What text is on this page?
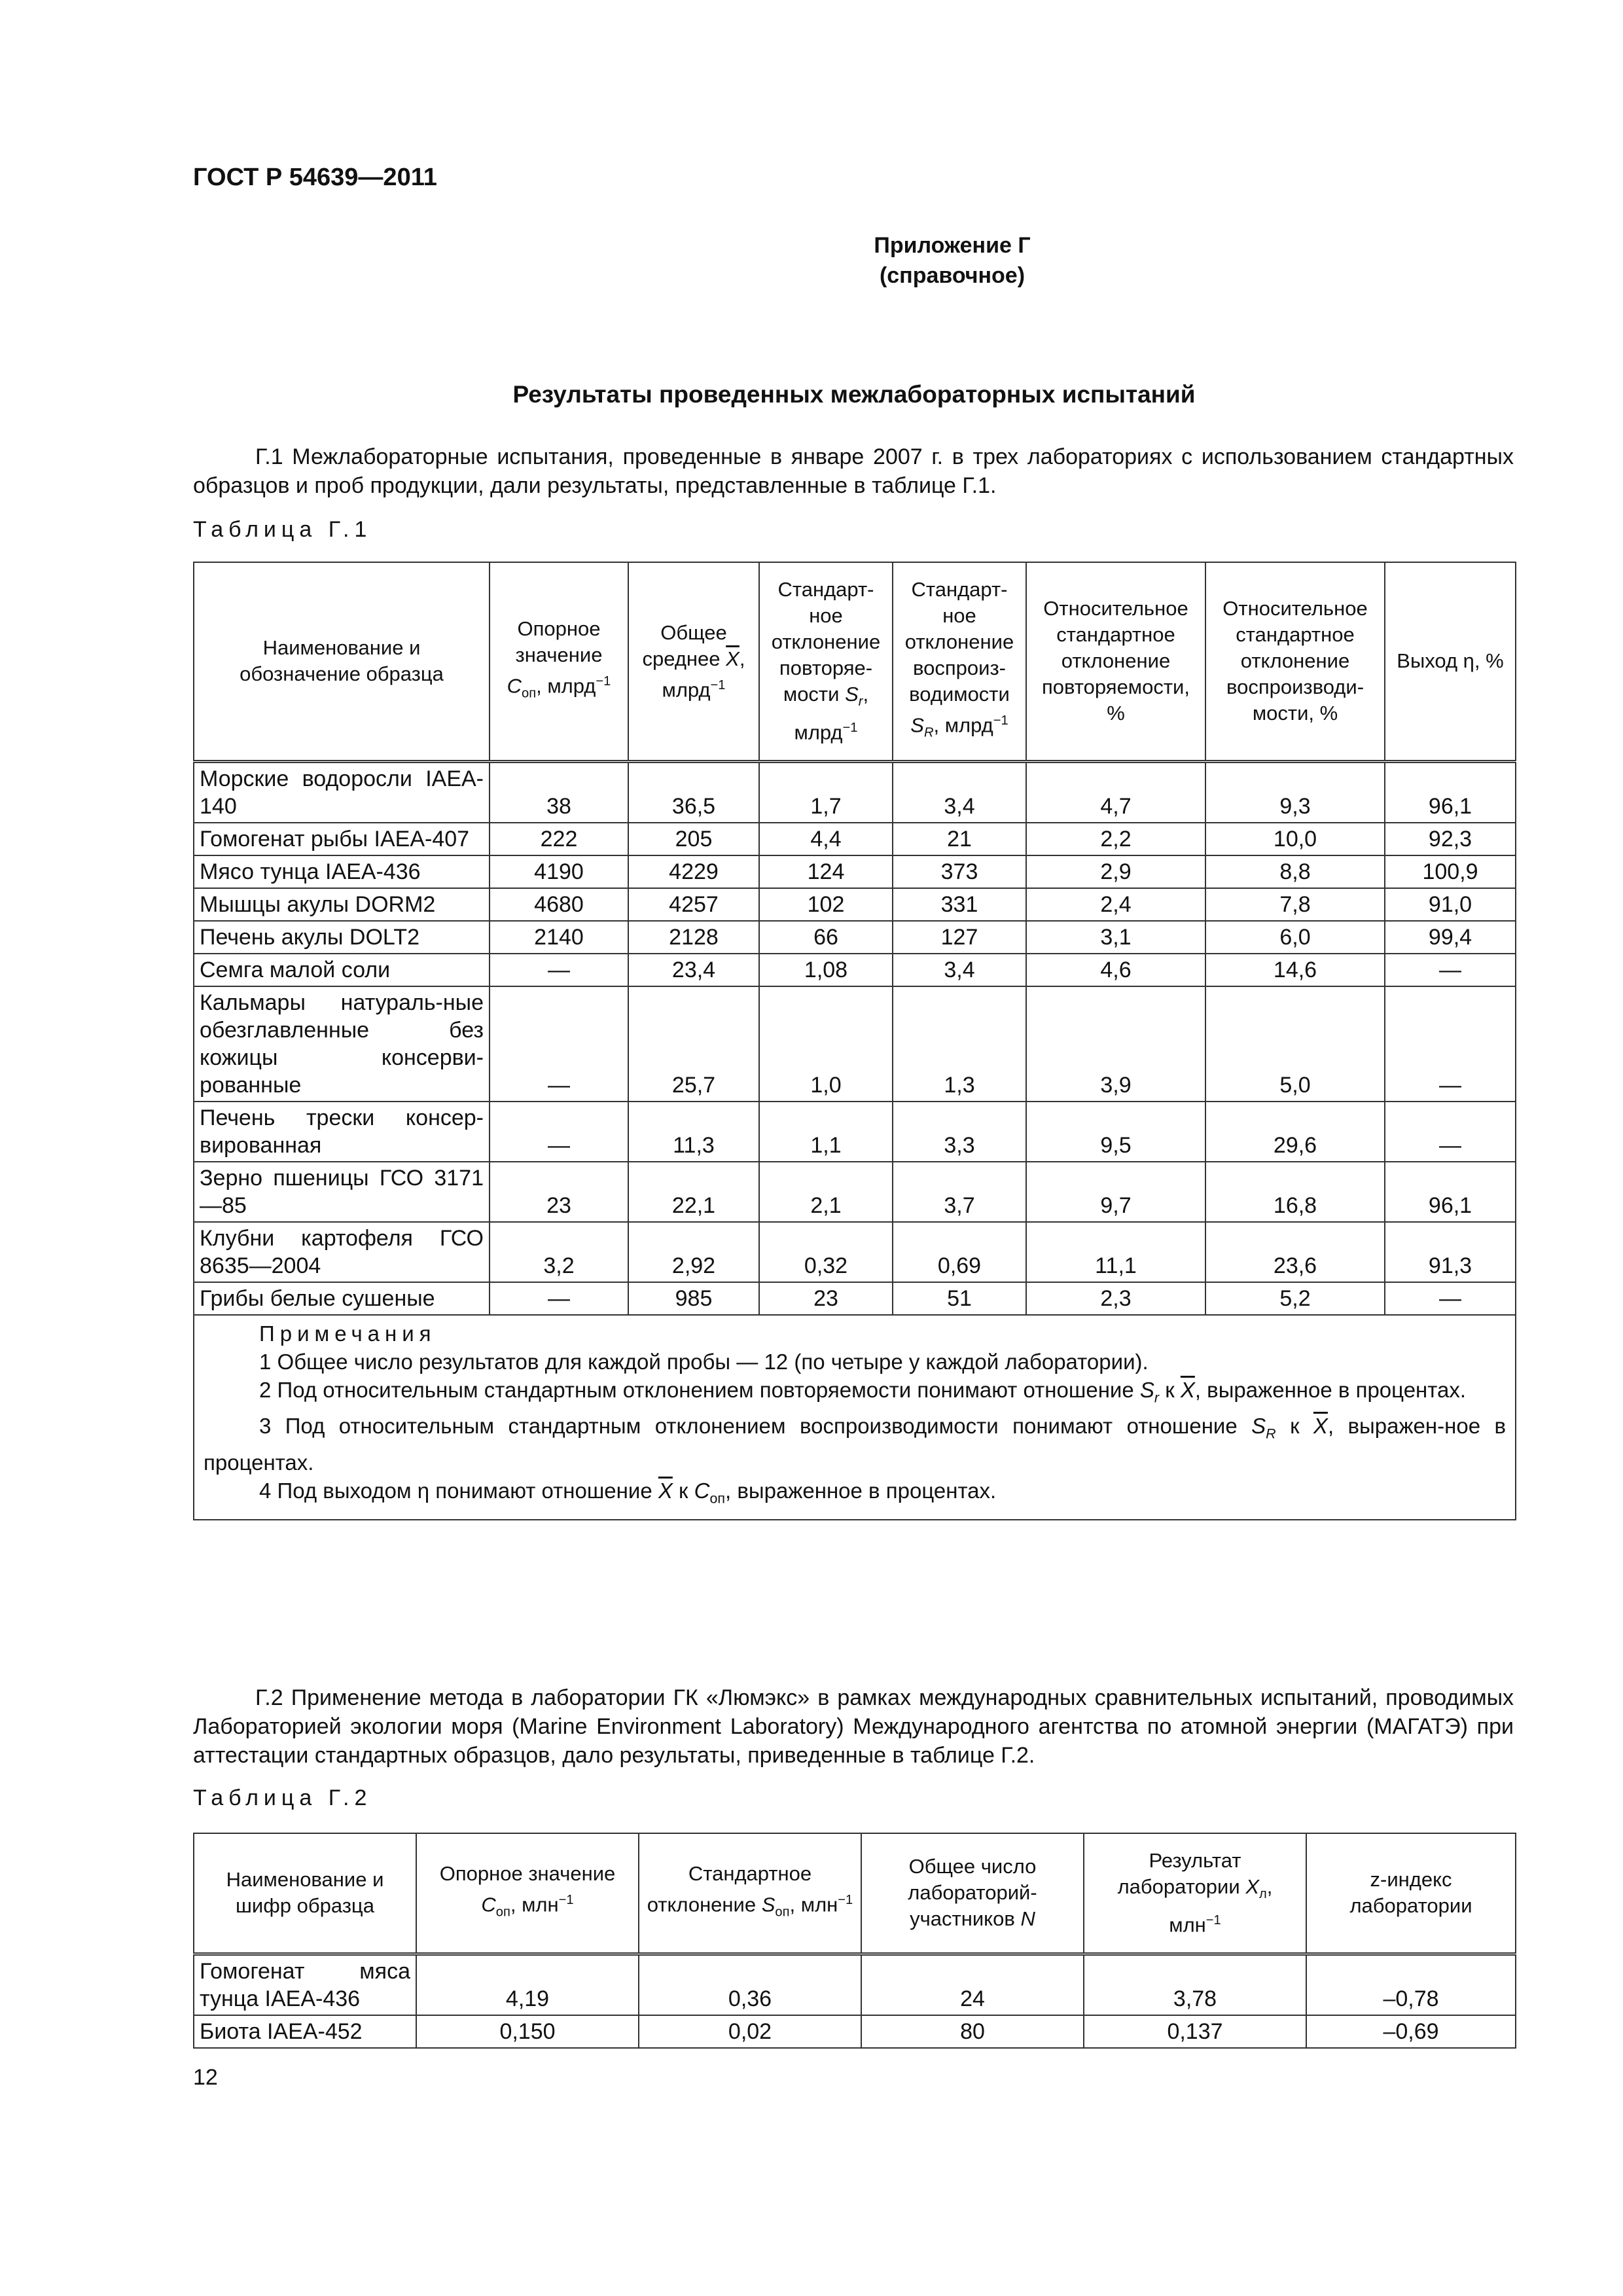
ГОСТ Р 54639—2011
Приложение Г
(справочное)
Результаты проведенных межлабораторных испытаний
Г.1 Межлабораторные испытания, проведенные в январе 2007 г. в трех лабораториях с использованием стандартных образцов и проб продукции, дали результаты, представленные в таблице Г.1.
Таблица Г.1
Наименование и обозначение образца	Опорное значение $C_{оп}$, млрд$^{-1}$	Общее среднее $\overline{X}$, млрд$^{-1}$	Стандарт-ное отклонение повторяе-мости $S_r$, млрд$^{-1}$	Стандарт-ное отклонение воспроиз-водимости $S_R$, млрд$^{-1}$	Относительное стандартное отклонение повторяемости, %	Относительное стандартное отклонение воспроизводи-мости, %	Выход η, %
Морские водоросли IAEA-140	38	36,5	1,7	3,4	4,7	9,3	96,1
Гомогенат рыбы IAEA-407	222	205	4,4	21	2,2	10,0	92,3
Мясо тунца IAEA-436	4190	4229	124	373	2,9	8,8	100,9
Мышцы акулы DORM2	4680	4257	102	331	2,4	7,8	91,0
Печень акулы DOLT2	2140	2128	66	127	3,1	6,0	99,4
Семга малой соли	—	23,4	1,08	3,4	4,6	14,6	—
Кальмары натураль-ные обезглавленные без кожицы консерви-рованные	—	25,7	1,0	1,3	3,9	5,0	—
Печень трески консер-вированная	—	11,3	1,1	3,3	9,5	29,6	—
Зерно пшеницы ГСО 3171—85	23	22,1	2,1	3,7	9,7	16,8	96,1
Клубни картофеля ГСО 8635—2004	3,2	2,92	0,32	0,69	11,1	23,6	91,3
Грибы белые сушеные	—	985	23	51	2,3	5,2	—

Примечания
1 Общее число результатов для каждой пробы — 12 (по четыре у каждой лаборатории).
2 Под относительным стандартным отклонением повторяемости понимают отношение $S_r$ к $\overline{X}$, выраженное в процентах.
3 Под относительным стандартным отклонением воспроизводимости понимают отношение $S_R$ к $\overline{X}$, выражен-ное в процентах.
4 Под выходом η понимают отношение $\overline{X}$ к $C_{оп}$, выраженное в процентах.							
Г.2 Применение метода в лаборатории ГК «Люмэкс» в рамках международных сравнительных испытаний, проводимых Лабораторией экологии моря (Marine Environment Laboratory) Международного агентства по атомной энергии (МАГАТЭ) при аттестации стандартных образцов, дало результаты, приведенные в таблице Г.2.
Таблица Г.2
Наименование и шифр образца	Опорное значение $C_{оп}$, млн$^{-1}$	Стандартное отклонение $S_{оп}$, млн$^{-1}$	Общее число лабораторий-участников N	Результат лаборатории $X_л$, млн$^{-1}$	z-индекс лаборатории
Гомогенат мяса тунца IAEA-436	4,19	0,36	24	3,78	–0,78
Биота IAEA-452	0,150	0,02	80	0,137	–0,69
12
